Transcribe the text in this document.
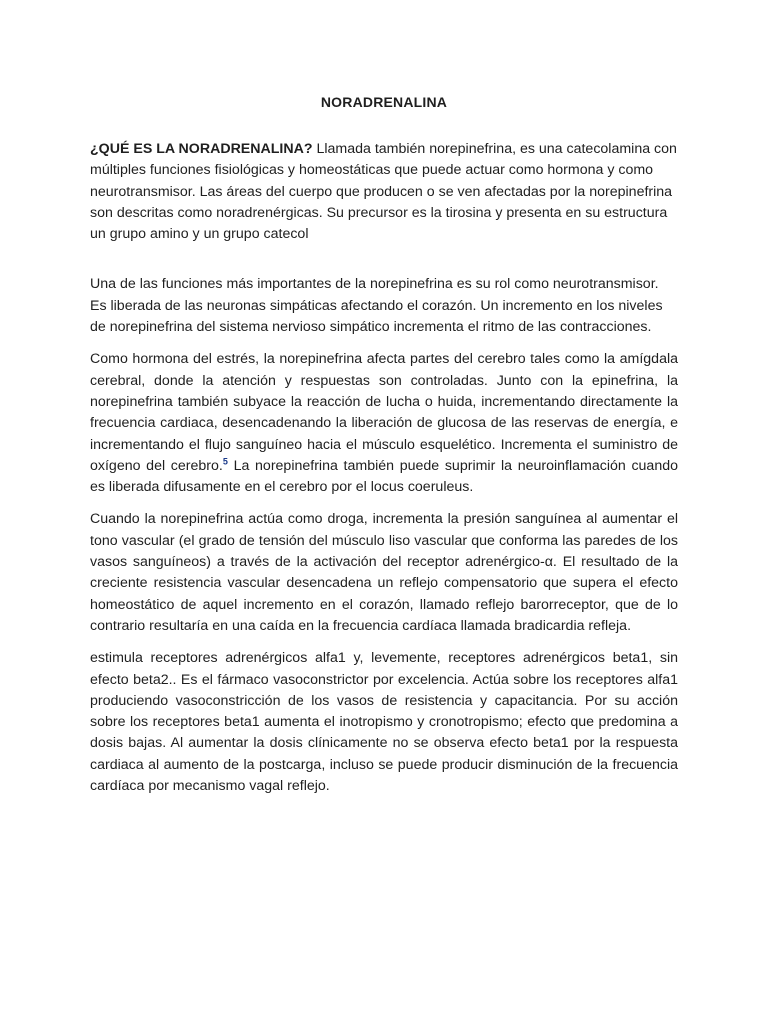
NORADRENALINA

¿QUÉ ES LA NORADRENALINA? Llamada también norepinefrina, es una catecolamina con múltiples funciones fisiológicas y homeostáticas que puede actuar como hormona y como neurotransmisor. Las áreas del cuerpo que producen o se ven afectadas por la norepinefrina son descritas como noradrenérgicas. Su precursor es la tirosina y presenta en su estructura un grupo amino y un grupo catecol

Una de las funciones más importantes de la norepinefrina es su rol como neurotransmisor. Es liberada de las neuronas simpáticas afectando el corazón. Un incremento en los niveles de norepinefrina del sistema nervioso simpático incrementa el ritmo de las contracciones.

Como hormona del estrés, la norepinefrina afecta partes del cerebro tales como la amígdala cerebral, donde la atención y respuestas son controladas. Junto con la epinefrina, la norepinefrina también subyace la reacción de lucha o huida, incrementando directamente la frecuencia cardiaca, desencadenando la liberación de glucosa de las reservas de energía, e incrementando el flujo sanguíneo hacia el músculo esquelético. Incrementa el suministro de oxígeno del cerebro.$^5$ La norepinefrina también puede suprimir la neuroinflamación cuando es liberada difusamente en el cerebro por el locus coeruleus.

Cuando la norepinefrina actúa como droga, incrementa la presión sanguínea al aumentar el tono vascular (el grado de tensión del músculo liso vascular que conforma las paredes de los vasos sanguíneos) a través de la activación del receptor adrenérgico-α. El resultado de la creciente resistencia vascular desencadena un reflejo compensatorio que supera el efecto homeostático de aquel incremento en el corazón, llamado reflejo barorreceptor, que de lo contrario resultaría en una caída en la frecuencia cardíaca llamada bradicardia refleja.

estimula receptores adrenérgicos alfa1 y, levemente, receptores adrenérgicos beta1, sin efecto beta2.. Es el fármaco vasoconstrictor por excelencia. Actúa sobre los receptores alfa1 produciendo vasoconstricción de los vasos de resistencia y capacitancia. Por su acción sobre los receptores beta1 aumenta el inotropismo y cronotropismo; efecto que predomina a dosis bajas. Al aumentar la dosis clínicamente no se observa efecto beta1 por la respuesta cardiaca al aumento de la postcarga, incluso se puede producir disminución de la frecuencia cardíaca por mecanismo vagal reflejo.
